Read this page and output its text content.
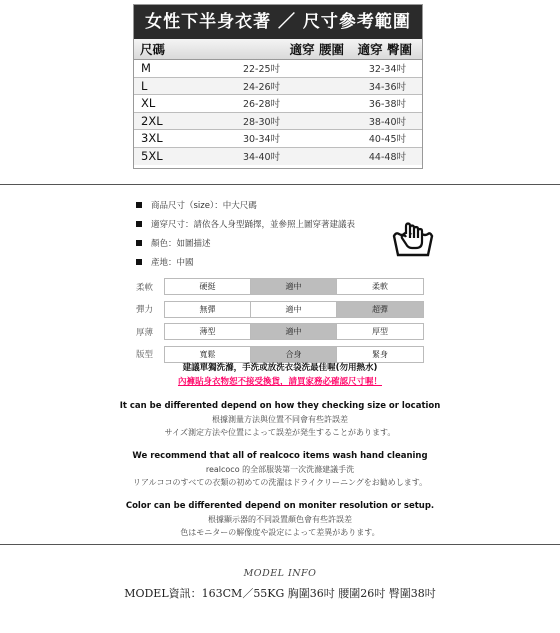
女性下半身衣著 ／ 尺寸參考範圍
尺碼	適穿 腰圍	適穿 臀圍
M	22-25吋	32-34吋
L	24-26吋	34-36吋
XL	26-28吋	36-38吋
2XL	28-30吋	38-40吋
3XL	30-34吋	40-45吋
5XL	34-40吋	44-48吋
商品尺寸（size）：中大尺碼
適穿尺寸：請依各人身型踊擇，並參照上圖穿著建議表
顏色：如圖描述
產地：中國
柔軟	硬挺	適中	柔軟
彈力	無彈	適中	超彈
厚薄	薄型	適中	厚型
版型	寬鬆	合身	緊身
建議單獨洗滌，手洗或放洗衣袋洗最佳喔(勿用熱水)
內褲貼身衣物恕不接受換貨，請買家務必確認尺寸喔！
It can be differented depend on how they checking size or location
根據測量方法與位置不同會有些許誤差
サイズ測定方法や位置によって誤差が発生することがあります。
We recommend that all of realcoco items wash hand cleaning
realcoco 的全部服裝第一次洗滌建議手洗
リアルココのすべての衣類の初めての洗濯はドライクリーニングをお勧めします。
Color can be differented depend on moniter resolution or setup.
根據顯示器的不同設置顏色會有些許誤差
色はモニターの解像度や設定によって差異があります。
MODEL INFO
MODEL資訊：163CM／55KG 胸圍36吋 腰圍26吋 臀圍38吋
